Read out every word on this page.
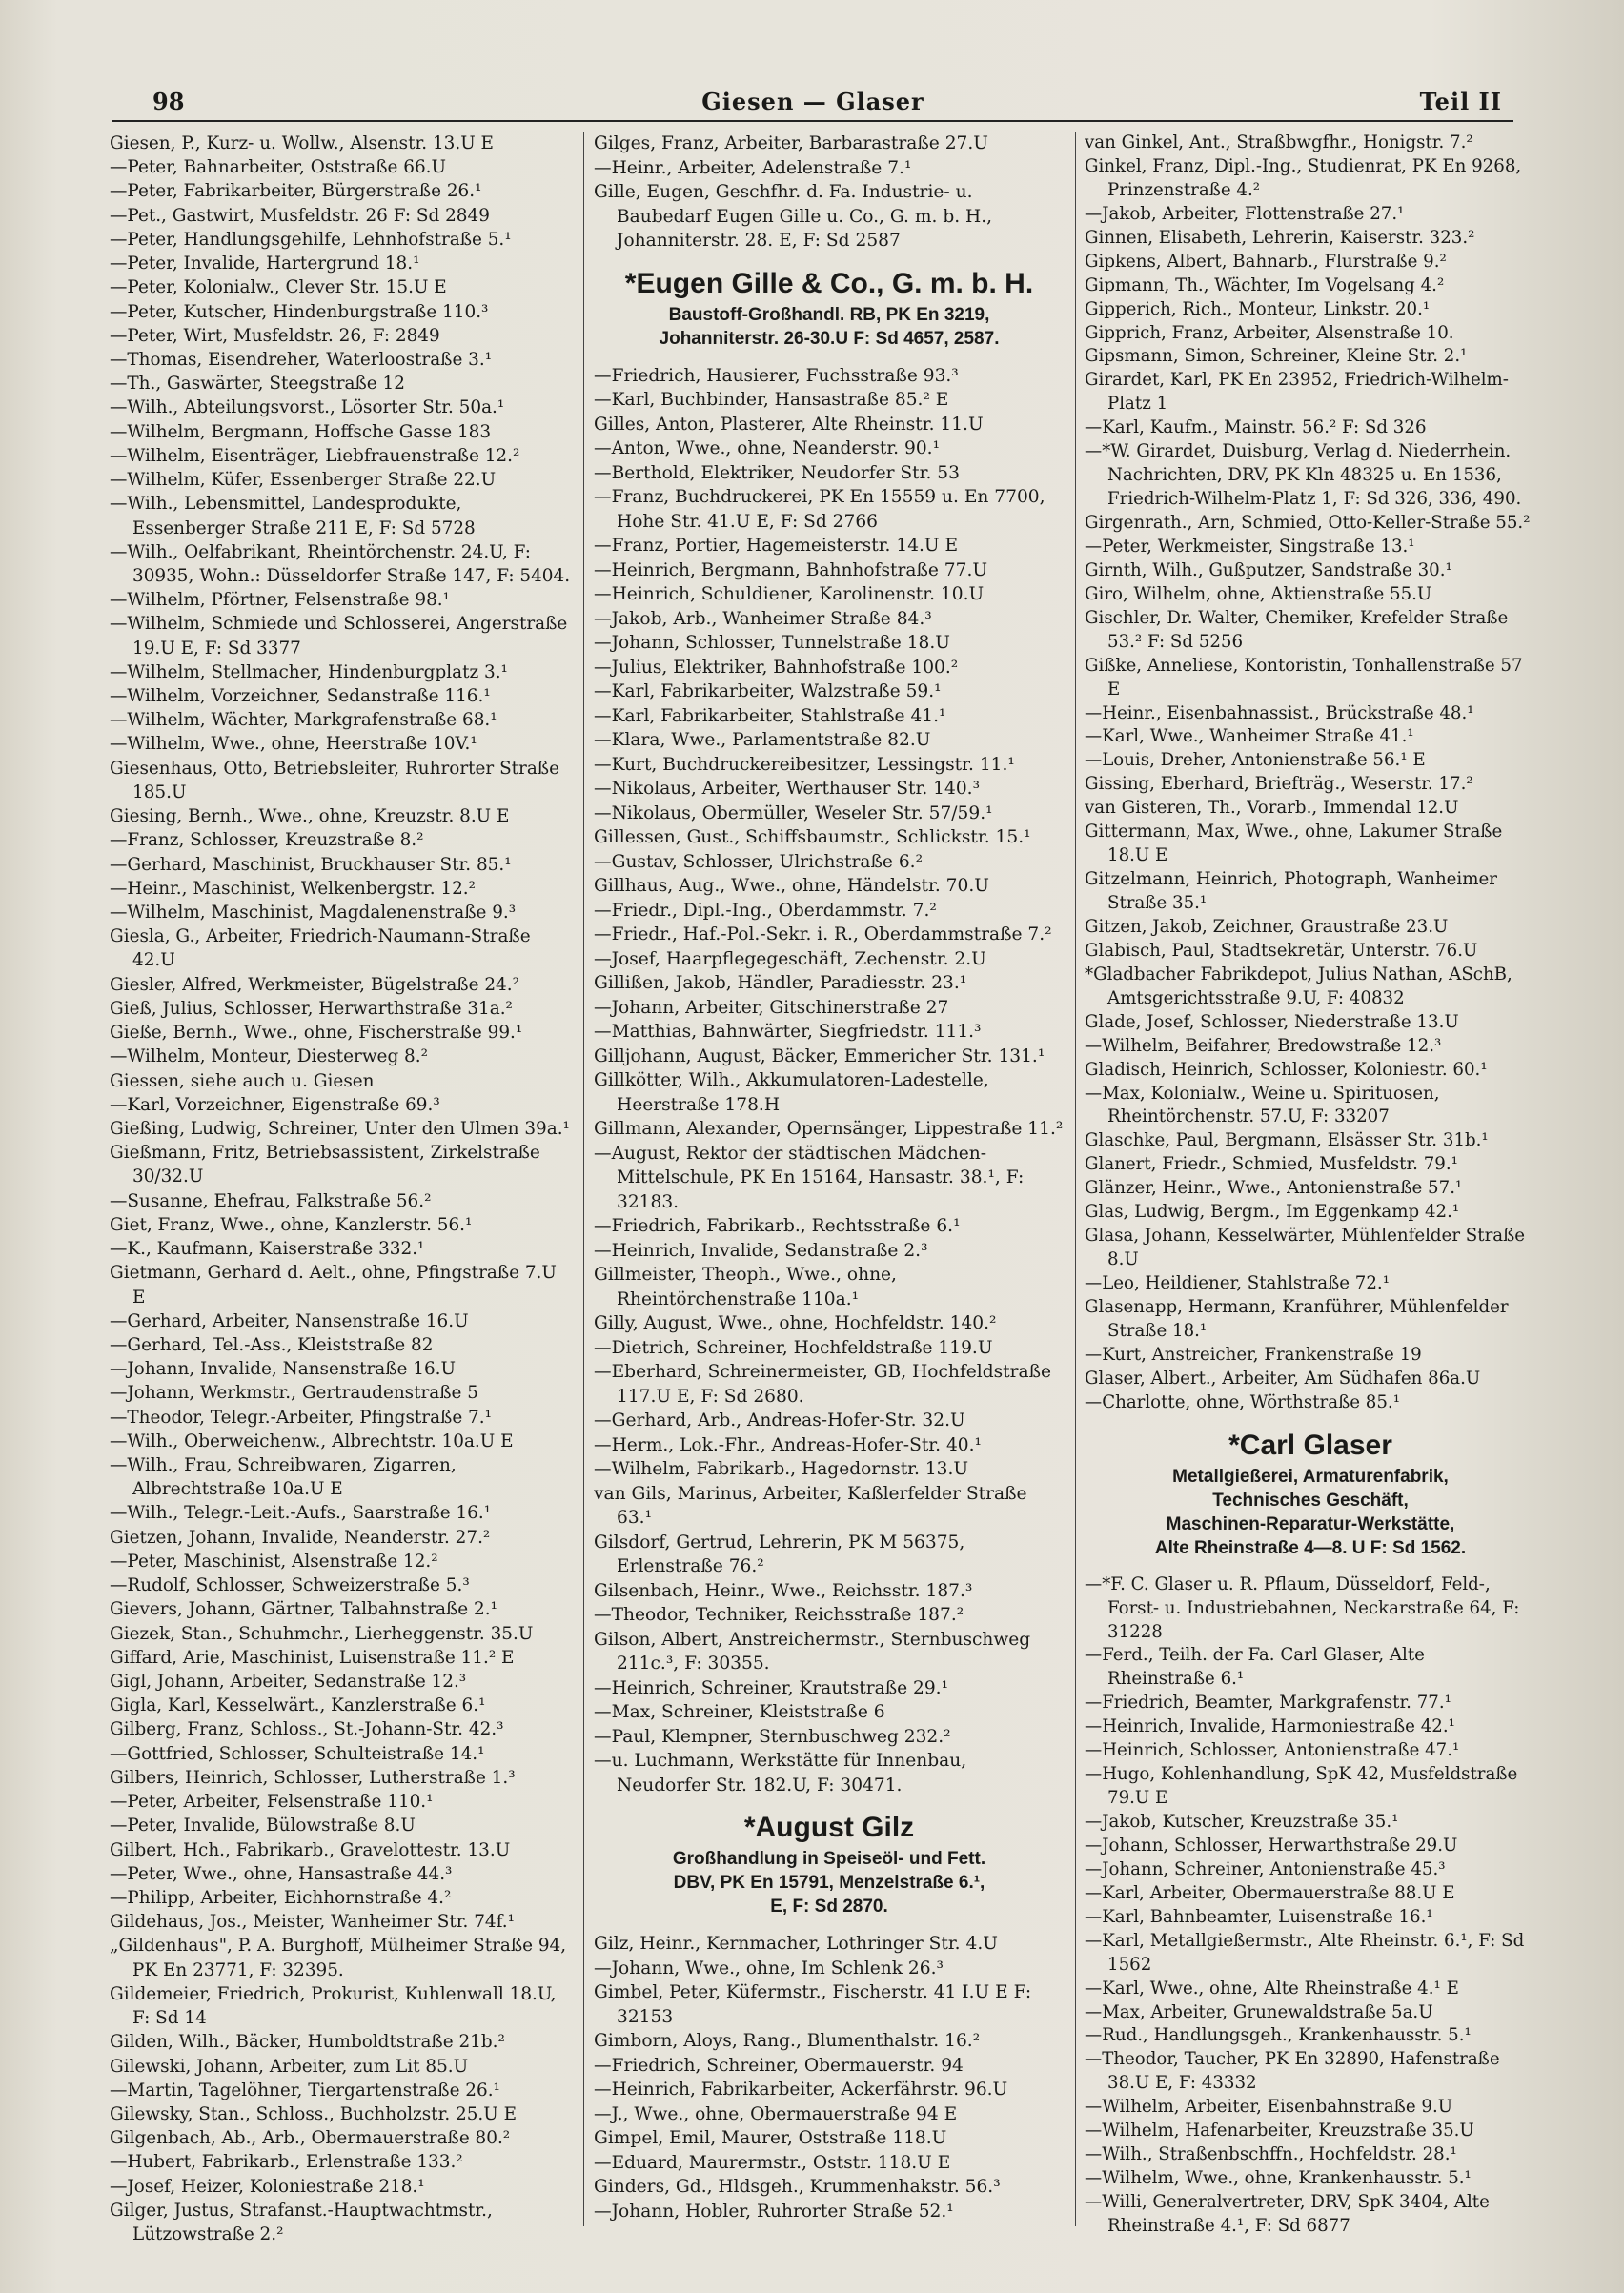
98	Giesen — Glaser	Teil II
Giesen, P., Kurz- u. Wollw., Alsenstr. 13.U E
—Peter, Bahnarbeiter, Oststraße 66.U
—Peter, Fabrikarbeiter, Bürgerstraße 26.¹
—Pet., Gastwirt, Musfeldstr. 26 F: Sd 2849
—Peter, Handlungsgehilfe, Lehnhofstraße 5.¹
—Peter, Invalide, Hartergrund 18.¹
—Peter, Kolonialw., Clever Str. 15.U E
—Peter, Kutscher, Hindenburgstraße 110.³
—Peter, Wirt, Musfeldstr. 26, F: 2849
—Thomas, Eisendreher, Waterloostraße 3.¹
—Th., Gaswärter, Steegstraße 12
—Wilh., Abteilungsvorst., Lösorter Str. 50a.¹
—Wilhelm, Bergmann, Hoffsche Gasse 183
—Wilhelm, Eisenträger, Liebfrauenstraße 12.²
—Wilhelm, Küfer, Essenberger Straße 22.U
—Wilh., Lebensmittel, Landesprodukte, Essenberger Straße 211 E, F: Sd 5728
—Wilh., Oelfabrikant, Rheintörchenstr. 24.U, F: 30935, Wohn.: Düsseldorfer Straße 147, F: 5404.
—Wilhelm, Pförtner, Felsenstraße 98.¹
—Wilhelm, Schmiede und Schlosserei, Angerstraße 19.U E, F: Sd 3377
—Wilhelm, Stellmacher, Hindenburgplatz 3.¹
—Wilhelm, Vorzeichner, Sedanstraße 116.¹
—Wilhelm, Wächter, Markgrafenstraße 68.¹
—Wilhelm, Wwe., ohne, Heerstraße 10V.¹
Giesenhaus, Otto, Betriebsleiter, Ruhrorter Straße 185.U
Giesing, Bernh., Wwe., ohne, Kreuzstr. 8.U E
—Franz, Schlosser, Kreuzstraße 8.²
—Gerhard, Maschinist, Bruckhauser Str. 85.¹
—Heinr., Maschinist, Welkenbergstr. 12.²
—Wilhelm, Maschinist, Magdalenenstraße 9.³
Giesla, G., Arbeiter, Friedrich-Naumann-Straße 42.U
Giesler, Alfred, Werkmeister, Bügelstraße 24.²
Gieß, Julius, Schlosser, Herwarthstraße 31a.²
Gieße, Bernh., Wwe., ohne, Fischerstraße 99.¹
—Wilhelm, Monteur, Diesterweg 8.²
Giessen, siehe auch u. Giesen
—Karl, Vorzeichner, Eigenstraße 69.³
Gießing, Ludwig, Schreiner, Unter den Ulmen 39a.¹
Gießmann, Fritz, Betriebsassistent, Zirkelstraße 30/32.U
—Susanne, Ehefrau, Falkstraße 56.²
Giet, Franz, Wwe., ohne, Kanzlerstr. 56.¹
—K., Kaufmann, Kaiserstraße 332.¹
Gietmann, Gerhard d. Aelt., ohne, Pfingstraße 7.U E
—Gerhard, Arbeiter, Nansenstraße 16.U
—Gerhard, Tel.-Ass., Kleiststraße 82
—Johann, Invalide, Nansenstraße 16.U
—Johann, Werkmstr., Gertraudenstraße 5
—Theodor, Telegr.-Arbeiter, Pfingstraße 7.¹
—Wilh., Oberweichenw., Albrechtstr. 10a.U E
—Wilh., Frau, Schreibwaren, Zigarren, Albrechtstraße 10a.U E
—Wilh., Telegr.-Leit.-Aufs., Saarstraße 16.¹
Gietzen, Johann, Invalide, Neanderstr. 27.²
—Peter, Maschinist, Alsenstraße 12.²
—Rudolf, Schlosser, Schweizerstraße 5.³
Gievers, Johann, Gärtner, Talbahnstraße 2.¹
Giezek, Stan., Schuhmchr., Lierheggenstr. 35.U
Giffard, Arie, Maschinist, Luisenstraße 11.² E
Gigl, Johann, Arbeiter, Sedanstraße 12.³
Gigla, Karl, Kesselwärt., Kanzlerstraße 6.¹
Gilberg, Franz, Schloss., St.-Johann-Str. 42.³
—Gottfried, Schlosser, Schulteistraße 14.¹
Gilbers, Heinrich, Schlosser, Lutherstraße 1.³
—Peter, Arbeiter, Felsenstraße 110.¹
—Peter, Invalide, Bülowstraße 8.U
Gilbert, Hch., Fabrikarb., Gravelottestr. 13.U
—Peter, Wwe., ohne, Hansastraße 44.³
—Philipp, Arbeiter, Eichhornstraße 4.²
Gildehaus, Jos., Meister, Wanheimer Str. 74f.¹
„Gildenhaus", P. A. Burghoff, Mülheimer Straße 94, PK En 23771, F: 32395.
Gildemeier, Friedrich, Prokurist, Kuhlenwall 18.U, F: Sd 14
Gilden, Wilh., Bäcker, Humboldtstraße 21b.²
Gilewski, Johann, Arbeiter, zum Lit 85.U
—Martin, Tagelöhner, Tiergartenstraße 26.¹
Gilewsky, Stan., Schloss., Buchholzstr. 25.U E
Gilgenbach, Ab., Arb., Obermauerstraße 80.²
—Hubert, Fabrikarb., Erlenstraße 133.²
—Josef, Heizer, Koloniestraße 218.¹
Gilger, Justus, Strafanst.-Hauptwachtmstr., Lützowstraße 2.²
Gilges, Franz, Arbeiter, Barbarastraße 27.U
—Heinr., Arbeiter, Adelenstraße 7.¹
Gille, Eugen, Geschfhr. d. Fa. Industrie- u. Baubedarf Eugen Gille u. Co., G. m. b. H., Johanniterstr. 28. E, F: Sd 2587
*Eugen Gille & Co., G. m. b. H.
Baustoff-Großhandl. RB, PK En 3219,
Johanniterstr. 26-30.U F: Sd 4657, 2587.
—Friedrich, Hausierer, Fuchsstraße 93.³
—Karl, Buchbinder, Hansastraße 85.² E
Gilles, Anton, Plasterer, Alte Rheinstr. 11.U
—Anton, Wwe., ohne, Neanderstr. 90.¹
—Berthold, Elektriker, Neudorfer Str. 53
—Franz, Buchdruckerei, PK En 15559 u. En 7700, Hohe Str. 41.U E, F: Sd 2766
—Franz, Portier, Hagemeisterstr. 14.U E
—Heinrich, Bergmann, Bahnhofstraße 77.U
—Heinrich, Schuldiener, Karolinenstr. 10.U
—Jakob, Arb., Wanheimer Straße 84.³
—Johann, Schlosser, Tunnelstraße 18.U
—Julius, Elektriker, Bahnhofstraße 100.²
—Karl, Fabrikarbeiter, Walzstraße 59.¹
—Karl, Fabrikarbeiter, Stahlstraße 41.¹
—Klara, Wwe., Parlamentstraße 82.U
—Kurt, Buchdruckereibesitzer, Lessingstr. 11.¹
—Nikolaus, Arbeiter, Werthauser Str. 140.³
—Nikolaus, Obermüller, Weseler Str. 57/59.¹
Gillessen, Gust., Schiffsbaumstr., Schlickstr. 15.¹
—Gustav, Schlosser, Ulrichstraße 6.²
Gillhaus, Aug., Wwe., ohne, Händelstr. 70.U
—Friedr., Dipl.-Ing., Oberdammstr. 7.²
—Friedr., Haf.-Pol.-Sekr. i. R., Oberdammstraße 7.²
—Josef, Haarpflegegeschäft, Zechenstr. 2.U
Gillißen, Jakob, Händler, Paradiesstr. 23.¹
—Johann, Arbeiter, Gitschinerstraße 27
—Matthias, Bahnwärter, Siegfriedstr. 111.³
Gilljohann, August, Bäcker, Emmericher Str. 131.¹
Gillkötter, Wilh., Akkumulatoren-Ladestelle, Heerstraße 178.H
Gillmann, Alexander, Opernsänger, Lippestraße 11.²
—August, Rektor der städtischen Mädchen-Mittelschule, PK En 15164, Hansastr. 38.¹, F: 32183.
—Friedrich, Fabrikarb., Rechtsstraße 6.¹
—Heinrich, Invalide, Sedanstraße 2.³
Gillmeister, Theoph., Wwe., ohne, Rheintörchenstraße 110a.¹
Gilly, August, Wwe., ohne, Hochfeldstr. 140.²
—Dietrich, Schreiner, Hochfeldstraße 119.U
—Eberhard, Schreinermeister, GB, Hochfeldstraße 117.U E, F: Sd 2680.
—Gerhard, Arb., Andreas-Hofer-Str. 32.U
—Herm., Lok.-Fhr., Andreas-Hofer-Str. 40.¹
—Wilhelm, Fabrikarb., Hagedornstr. 13.U
van Gils, Marinus, Arbeiter, Kaßlerfelder Straße 63.¹
Gilsdorf, Gertrud, Lehrerin, PK M 56375, Erlenstraße 76.²
Gilsenbach, Heinr., Wwe., Reichsstr. 187.³
—Theodor, Techniker, Reichsstraße 187.²
Gilson, Albert, Anstreichermstr., Sternbuschweg 211c.³, F: 30355.
—Heinrich, Schreiner, Krautstraße 29.¹
—Max, Schreiner, Kleiststraße 6
—Paul, Klempner, Sternbuschweg 232.²
—u. Luchmann, Werkstätte für Innenbau, Neudorfer Str. 182.U, F: 30471.
*August Gilz
Großhandlung in Speiseöl- und Fett.
DBV, PK En 15791, Menzelstraße 6.¹,
E, F: Sd 2870.
Gilz, Heinr., Kernmacher, Lothringer Str. 4.U
—Johann, Wwe., ohne, Im Schlenk 26.³
Gimbel, Peter, Küfermstr., Fischerstr. 41 I.U E F: 32153
Gimborn, Aloys, Rang., Blumenthalstr. 16.²
—Friedrich, Schreiner, Obermauerstr. 94
—Heinrich, Fabrikarbeiter, Ackerfährstr. 96.U
—J., Wwe., ohne, Obermauerstraße 94 E
Gimpel, Emil, Maurer, Oststraße 118.U
—Eduard, Maurermstr., Oststr. 118.U E
Ginders, Gd., Hldsgeh., Krummenhakstr. 56.³
—Johann, Hobler, Ruhrorter Straße 52.¹
van Ginkel, Ant., Straßbwgfhr., Honigstr. 7.²
Ginkel, Franz, Dipl.-Ing., Studienrat, PK En 9268, Prinzenstraße 4.²
—Jakob, Arbeiter, Flottenstraße 27.¹
Ginnen, Elisabeth, Lehrerin, Kaiserstr. 323.²
Gipkens, Albert, Bahnarb., Flurstraße 9.²
Gipmann, Th., Wächter, Im Vogelsang 4.²
Gipperich, Rich., Monteur, Linkstr. 20.¹
Gipprich, Franz, Arbeiter, Alsenstraße 10.
Gipsmann, Simon, Schreiner, Kleine Str. 2.¹
Girardet, Karl, PK En 23952, Friedrich-Wilhelm-Platz 1
—Karl, Kaufm., Mainstr. 56.² F: Sd 326
—*W. Girardet, Duisburg, Verlag d. Niederrhein. Nachrichten, DRV, PK Kln 48325 u. En 1536, Friedrich-Wilhelm-Platz 1, F: Sd 326, 336, 490.
Girgenrath., Arn, Schmied, Otto-Keller-Straße 55.²
—Peter, Werkmeister, Singstraße 13.¹
Girnth, Wilh., Gußputzer, Sandstraße 30.¹
Giro, Wilhelm, ohne, Aktienstraße 55.U
Gischler, Dr. Walter, Chemiker, Krefelder Straße 53.² F: Sd 5256
Gißke, Anneliese, Kontoristin, Tonhallenstraße 57 E
—Heinr., Eisenbahnassist., Brückstraße 48.¹
—Karl, Wwe., Wanheimer Straße 41.¹
—Louis, Dreher, Antonienstraße 56.¹ E
Gissing, Eberhard, Briefträg., Weserstr. 17.²
van Gisteren, Th., Vorarb., Immendal 12.U
Gittermann, Max, Wwe., ohne, Lakumer Straße 18.U E
Gitzelmann, Heinrich, Photograph, Wanheimer Straße 35.¹
Gitzen, Jakob, Zeichner, Graustraße 23.U
Glabisch, Paul, Stadtsekretär, Unterstr. 76.U
*Gladbacher Fabrikdepot, Julius Nathan, ASchB, Amtsgerichtsstraße 9.U, F: 40832
Glade, Josef, Schlosser, Niederstraße 13.U
—Wilhelm, Beifahrer, Bredowstraße 12.³
Gladisch, Heinrich, Schlosser, Koloniestr. 60.¹
—Max, Kolonialw., Weine u. Spirituosen, Rheintörchenstr. 57.U, F: 33207
Glaschke, Paul, Bergmann, Elsässer Str. 31b.¹
Glanert, Friedr., Schmied, Musfeldstr. 79.¹
Glänzer, Heinr., Wwe., Antonienstraße 57.¹
Glas, Ludwig, Bergm., Im Eggenkamp 42.¹
Glasa, Johann, Kesselwärter, Mühlenfelder Straße 8.U
—Leo, Heildiener, Stahlstraße 72.¹
Glasenapp, Hermann, Kranführer, Mühlenfelder Straße 18.¹
—Kurt, Anstreicher, Frankenstraße 19
Glaser, Albert., Arbeiter, Am Südhafen 86a.U
—Charlotte, ohne, Wörthstraße 85.¹
*Carl Glaser
Metallgießerei, Armaturenfabrik,
Technisches Geschäft,
Maschinen-Reparatur-Werkstätte,
Alte Rheinstraße 4—8. U F: Sd 1562.
—*F. C. Glaser u. R. Pflaum, Düsseldorf, Feld-, Forst- u. Industriebahnen, Neckarstraße 64, F: 31228
—Ferd., Teilh. der Fa. Carl Glaser, Alte Rheinstraße 6.¹
—Friedrich, Beamter, Markgrafenstr. 77.¹
—Heinrich, Invalide, Harmoniestraße 42.¹
—Heinrich, Schlosser, Antonienstraße 47.¹
—Hugo, Kohlenhandlung, SpK 42, Musfeldstraße 79.U E
—Jakob, Kutscher, Kreuzstraße 35.¹
—Johann, Schlosser, Herwarthstraße 29.U
—Johann, Schreiner, Antonienstraße 45.³
—Karl, Arbeiter, Obermauerstraße 88.U E
—Karl, Bahnbeamter, Luisenstraße 16.¹
—Karl, Metallgießermstr., Alte Rheinstr. 6.¹, F: Sd 1562
—Karl, Wwe., ohne, Alte Rheinstraße 4.¹ E
—Max, Arbeiter, Grunewaldstraße 5a.U
—Rud., Handlungsgeh., Krankenhausstr. 5.¹
—Theodor, Taucher, PK En 32890, Hafenstraße 38.U E, F: 43332
—Wilhelm, Arbeiter, Eisenbahnstraße 9.U
—Wilhelm, Hafenarbeiter, Kreuzstraße 35.U
—Wilh., Straßenbschffn., Hochfeldstr. 28.¹
—Wilhelm, Wwe., ohne, Krankenhausstr. 5.¹
—Willi, Generalvertreter, DRV, SpK 3404, Alte Rheinstraße 4.¹, F: Sd 6877
